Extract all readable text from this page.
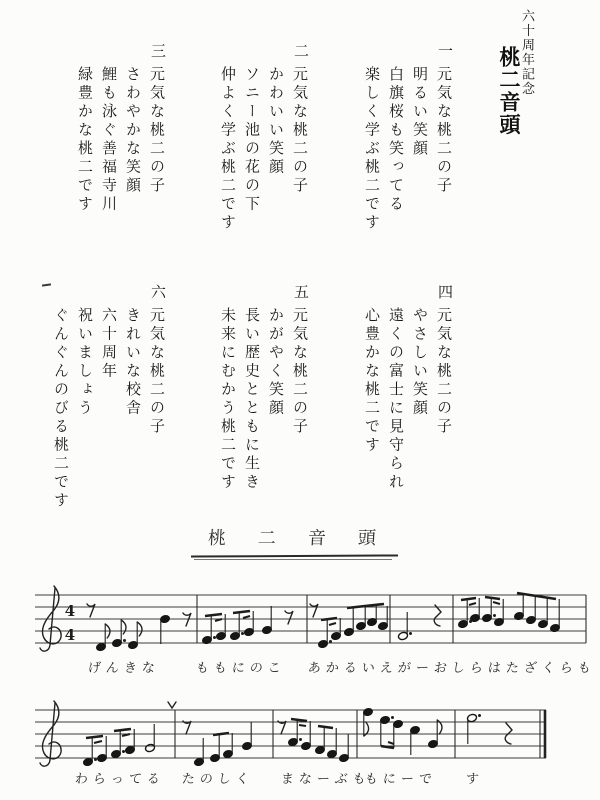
六十周年記念
桃二音頭
一

元気な桃二の子

明るい笑顔

白旗桜も笑ってる

楽しく学ぶ桃二です

二

元気な桃二の子

かわいい笑顔

ソニー池の花の下

仲よく学ぶ桃二です

三

元気な桃二の子

さわやかな笑顔

鯉も泳ぐ善福寺川

緑豊かな桃二です

四

元気な桃二の子

やさしい笑顔

遠くの富士に見守られ

心豊かな桃二です

五

元気な桃二の子

かがやく笑顔

長い歴史とともに生き

未来にむかう桃二です

六

元気な桃二の子

きれいな校舎

六十周年

祝いましょう

ぐんぐんのびる桃二です

桃二音頭
4
4
げんきな	ももにのこ あかるいえがーお
しらはたざくらも
わらってる たのしく まなーぶも
もにーで す
